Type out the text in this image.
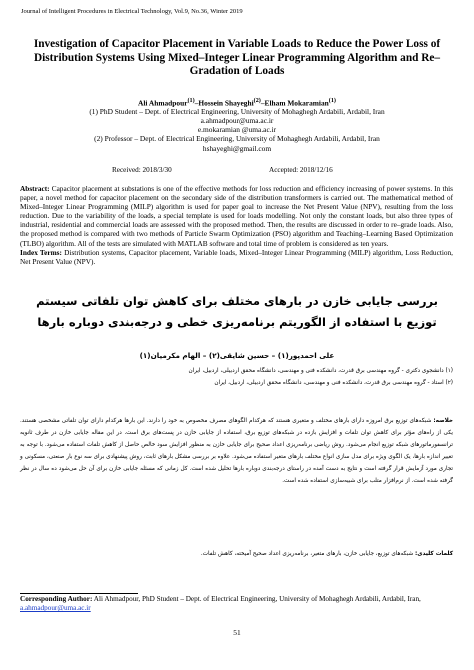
Journal of Intelligent Procedures in Electrical Technology, Vol.9, No.36, Winter 2019
Investigation of Capacitor Placement in Variable Loads to Reduce the Power Loss of Distribution Systems Using Mixed–Integer Linear Programming Algorithm and Re–Gradation of Loads
Ali Ahmadpour$^{(1)}$–Hossein Shayeghi$^{(2)}$–Elham Mokaramian$^{(1)}$
(1) PhD Student – Dept. of Electrical Engineering, University of Mohaghegh Ardabili, Ardabil, Iran
a.ahmadpour@uma.ac.ir
e.mokaramian @uma.ac.ir
(2) Professor – Dept. of Electrical Engineering, University of Mohaghegh Ardabili, Ardabil, Iran
hshayeghi@gmail.com
Received: 2018/3/30	Accepted: 2018/12/16
Abstract: Capacitor placement at substations is one of the effective methods for loss reduction and efficiency increasing of power systems. In this paper, a novel method for capacitor placement on the secondary side of the distribution transformers is carried out. The mathematical method of Mixed–Integer Linear Programming (MILP) algorithm is used for paper goal to increase the Net Present Value (NPV), resulting from the loss reduction. Due to the variability of the loads, a special template is used for loads modelling. Not only the constant loads, but also three types of industrial, residential and commercial loads are assessed with the proposed method. Then, the results are discussed in order to re–grade loads. Also, the proposed method is compared with two methods of Particle Swarm Optimization (PSO) algorithm and Teaching–Learning Based Optimization (TLBO) algorithm. All of the tests are simulated with MATLAB software and total time of problem is considered as ten years.
Index Terms: Distribution systems, Capacitor placement, Variable loads, Mixed–Integer Linear Programming (MILP) algorithm, Loss Reduction, Net Present Value (NPV).
بررسی جایابی خازن در بارهای مختلف برای کاهش توان تلفاتی سیستم توزیع با استفاده از الگوریتم برنامه‌ریزی خطی و درجه‌بندی دوباره بارها
علی احمدپور‎(۱)‏ – حسین شایقی‎(۲)‏ – الهام مکرمیان‎(۱)‏
(۱) دانشجوی دکتری - گروه مهندسی برق قدرت، دانشکده فنی و مهندسی، دانشگاه محقق اردبیلی، اردبیل، ایران
(۲) استاد - گروه مهندسی برق قدرت، دانشکده فنی و مهندسی، دانشگاه محقق اردبیلی، اردبیل، ایران
خلاصه: شبکه‌های توزیع برق امروزه دارای بارهای مختلف و متغیری هستند که هرکدام الگوهای مصرف مخصوص به خود را دارند. این بارها هرکدام دارای توان تلفاتی مشخصی هستند. یکی از راه‌های مؤثر برای کاهش توان تلفات و افزایش بازده در شبکه‌های توزیع برق، استفاده از جایابی خازن در پست‌های برق است. در این مقاله جایابی خازن در طرف ثانویه ترانسفورماتورهای شبکه توزیع انجام می‌شود. روش ریاضی برنامه‌ریزی اعداد صحیح برای جایابی خازن به منظور افزایش سود خالص حاصل از کاهش تلفات استفاده می‌شود. با توجه به تغییر اندازه بارها، یک الگوی ویژه برای مدل سازی انواع مختلف بارهای متغیر استفاده می‌شود. علاوه بر بررسی مشکل بارهای ثابت، روش پیشنهادی برای سه نوع بار صنعتی، مسکونی و تجاری مورد آزمایش قرار گرفته است و نتایج به دست آمده در راستای درجه‌بندی دوباره بارها تحلیل شده است. کل زمانی که مسئله جایابی خازن برای آن حل می‌شود ده سال در نظر گرفته شده است. از نرم‌افزار متلب برای شبیه‌سازی استفاده شده است.
کلمات کلیدی: شبکه‌های توزیع، جایابی خازن، بارهای متغیر، برنامه‌ریزی اعداد صحیح آمیخته، کاهش تلفات.
Corresponding Author: Ali Ahmadpour, PhD Student – Dept. of Electrical Engineering, University of Mohaghegh Ardabili, Ardabil, Iran, a.ahmadpour@uma.ac.ir
51
